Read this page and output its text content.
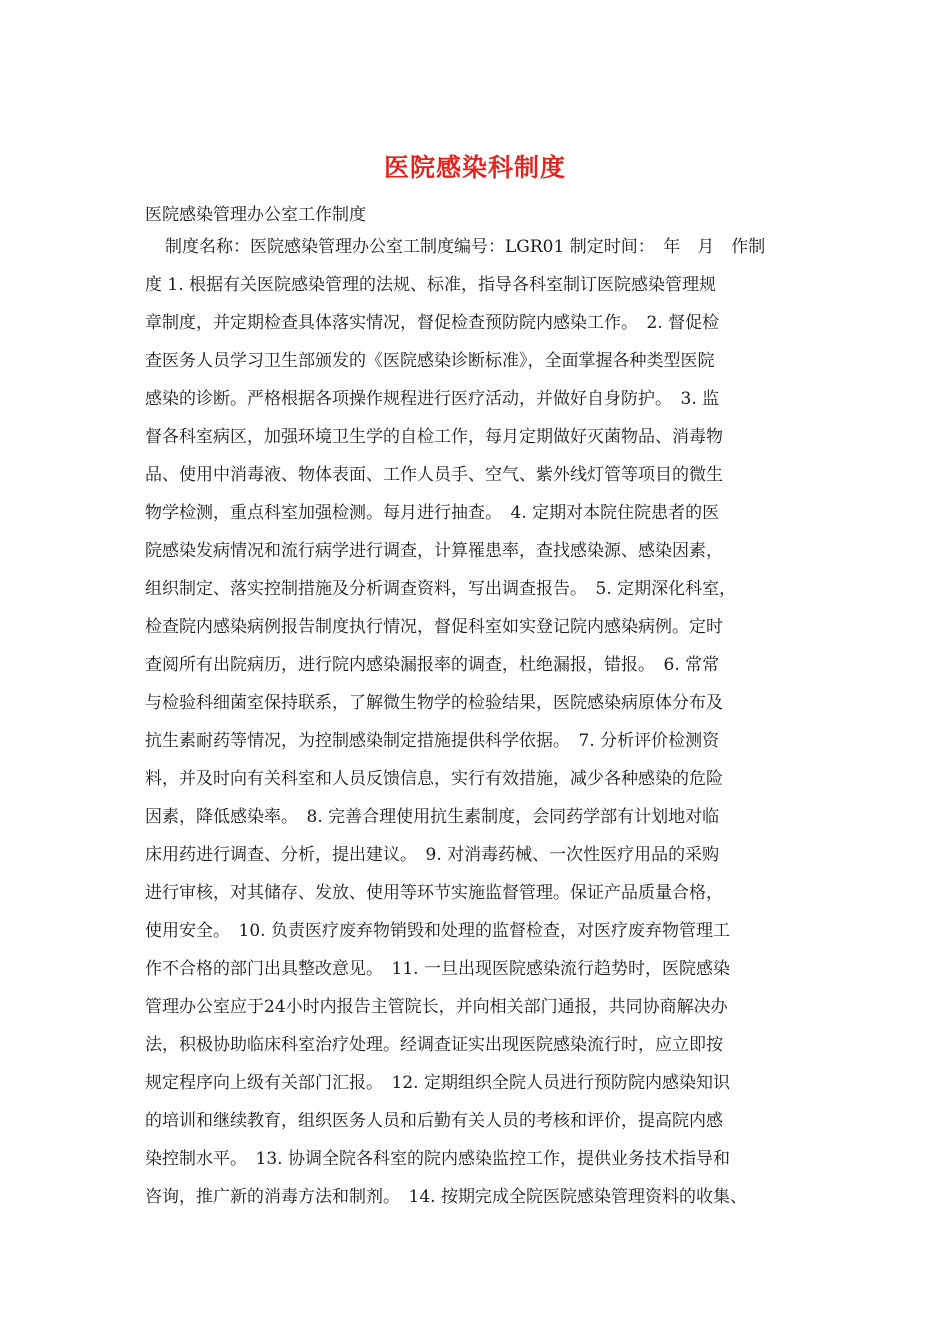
医院感染科制度

医院感染管理办公室工作制度

制度名称：医院感染管理办公室工制度编号：LGR01 制定时间：　年　月　作制
度 1. 根据有关医院感染管理的法规、标准，指导各科室制订医院感染管理规
章制度，并定期检查具体落实情况，督促检查预防院内感染工作。　2. 督促检
查医务人员学习卫生部颁发的《医院感染诊断标准》，全面掌握各种类型医院
感染的诊断。严格根据各项操作规程进行医疗活动，并做好自身防护。　3. 监
督各科室病区，加强环境卫生学的自检工作，每月定期做好灭菌物品、消毒物
品、使用中消毒液、物体表面、工作人员手、空气、紫外线灯管等项目的微生
物学检测，重点科室加强检测。每月进行抽查。　4. 定期对本院住院患者的医
院感染发病情况和流行病学进行调查，计算罹患率，查找感染源、感染因素，
组织制定、落实控制措施及分析调查资料，写出调查报告。　5. 定期深化科室，
检查院内感染病例报告制度执行情况，督促科室如实登记院内感染病例。定时
查阅所有出院病历，进行院内感染漏报率的调查，杜绝漏报，错报。　6. 常常
与检验科细菌室保持联系，了解微生物学的检验结果，医院感染病原体分布及
抗生素耐药等情况，为控制感染制定措施提供科学依据。　7. 分析评价检测资
料，并及时向有关科室和人员反馈信息，实行有效措施，减少各种感染的危险
因素，降低感染率。　8. 完善合理使用抗生素制度，会同药学部有计划地对临
床用药进行调查、分析，提出建议。　9. 对消毒药械、一次性医疗用品的采购
进行审核，对其储存、发放、使用等环节实施监督管理。保证产品质量合格，
使用安全。　10. 负责医疗废弃物销毁和处理的监督检查，对医疗废弃物管理工
作不合格的部门出具整改意见。　11. 一旦出现医院感染流行趋势时，医院感染
管理办公室应于24小时内报告主管院长，并向相关部门通报，共同协商解决办
法，积极协助临床科室治疗处理。经调查证实出现医院感染流行时，应立即按
规定程序向上级有关部门汇报。　12. 定期组织全院人员进行预防院内感染知识
的培训和继续教育，组织医务人员和后勤有关人员的考核和评价，提高院内感
染控制水平。　13. 协调全院各科室的院内感染监控工作，提供业务技术指导和
咨询，推广新的消毒方法和制剂。　14. 按期完成全院医院感染管理资料的收集、
